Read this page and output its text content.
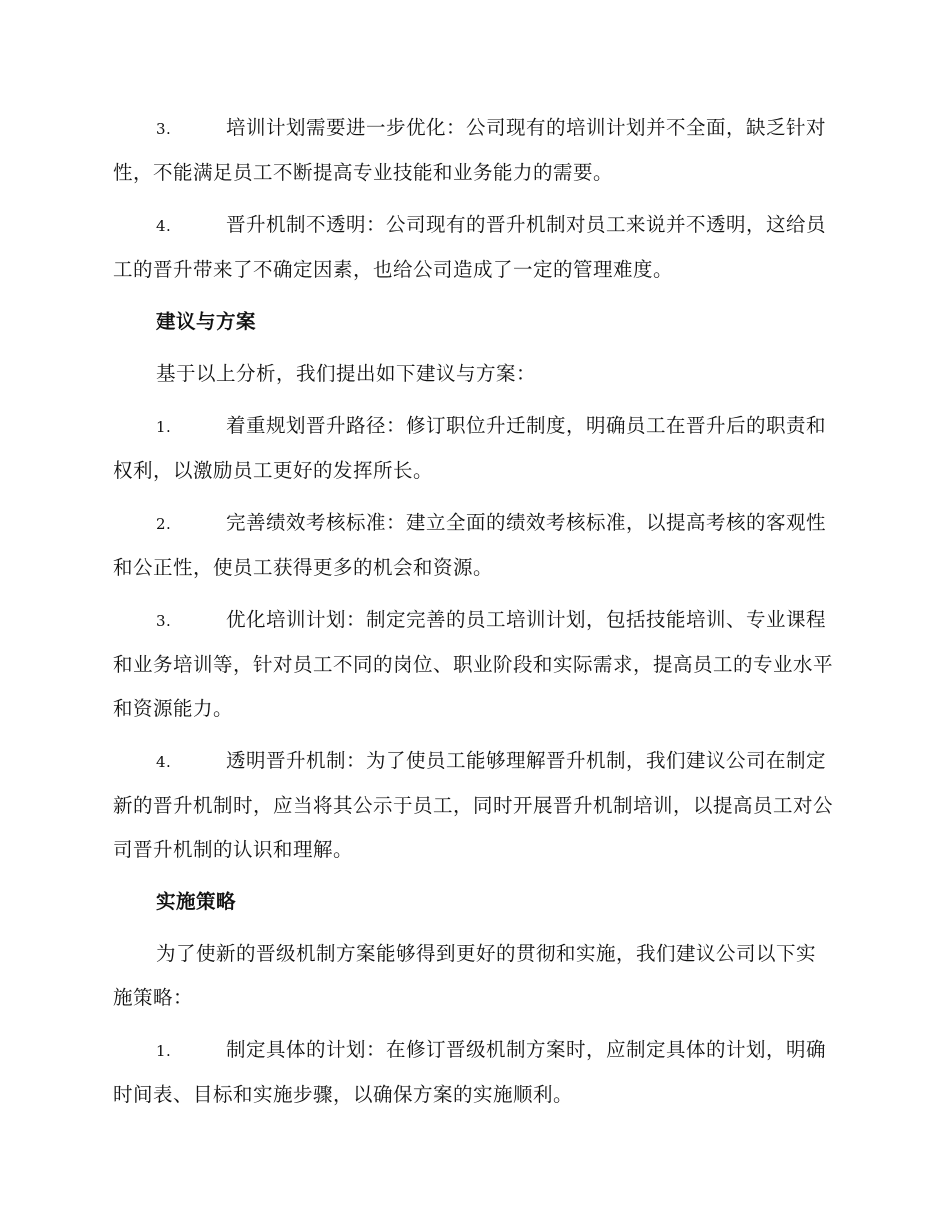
3.	培训计划需要进一步优化：公司现有的培训计划并不全面，缺乏针对性，不能满足员工不断提高专业技能和业务能力的需要。

4.	晋升机制不透明：公司现有的晋升机制对员工来说并不透明，这给员工的晋升带来了不确定因素，也给公司造成了一定的管理难度。

建议与方案

基于以上分析，我们提出如下建议与方案：

1.	着重规划晋升路径：修订职位升迁制度，明确员工在晋升后的职责和权利，以激励员工更好的发挥所长。

2.	完善绩效考核标准：建立全面的绩效考核标准，以提高考核的客观性和公正性，使员工获得更多的机会和资源。

3.	优化培训计划：制定完善的员工培训计划，包括技能培训、专业课程和业务培训等，针对员工不同的岗位、职业阶段和实际需求，提高员工的专业水平和资源能力。

4.	透明晋升机制：为了使员工能够理解晋升机制，我们建议公司在制定新的晋升机制时，应当将其公示于员工，同时开展晋升机制培训，以提高员工对公司晋升机制的认识和理解。

实施策略

为了使新的晋级机制方案能够得到更好的贯彻和实施，我们建议公司以下实施策略：

1.	制定具体的计划：在修订晋级机制方案时，应制定具体的计划，明确时间表、目标和实施步骤，以确保方案的实施顺利。
